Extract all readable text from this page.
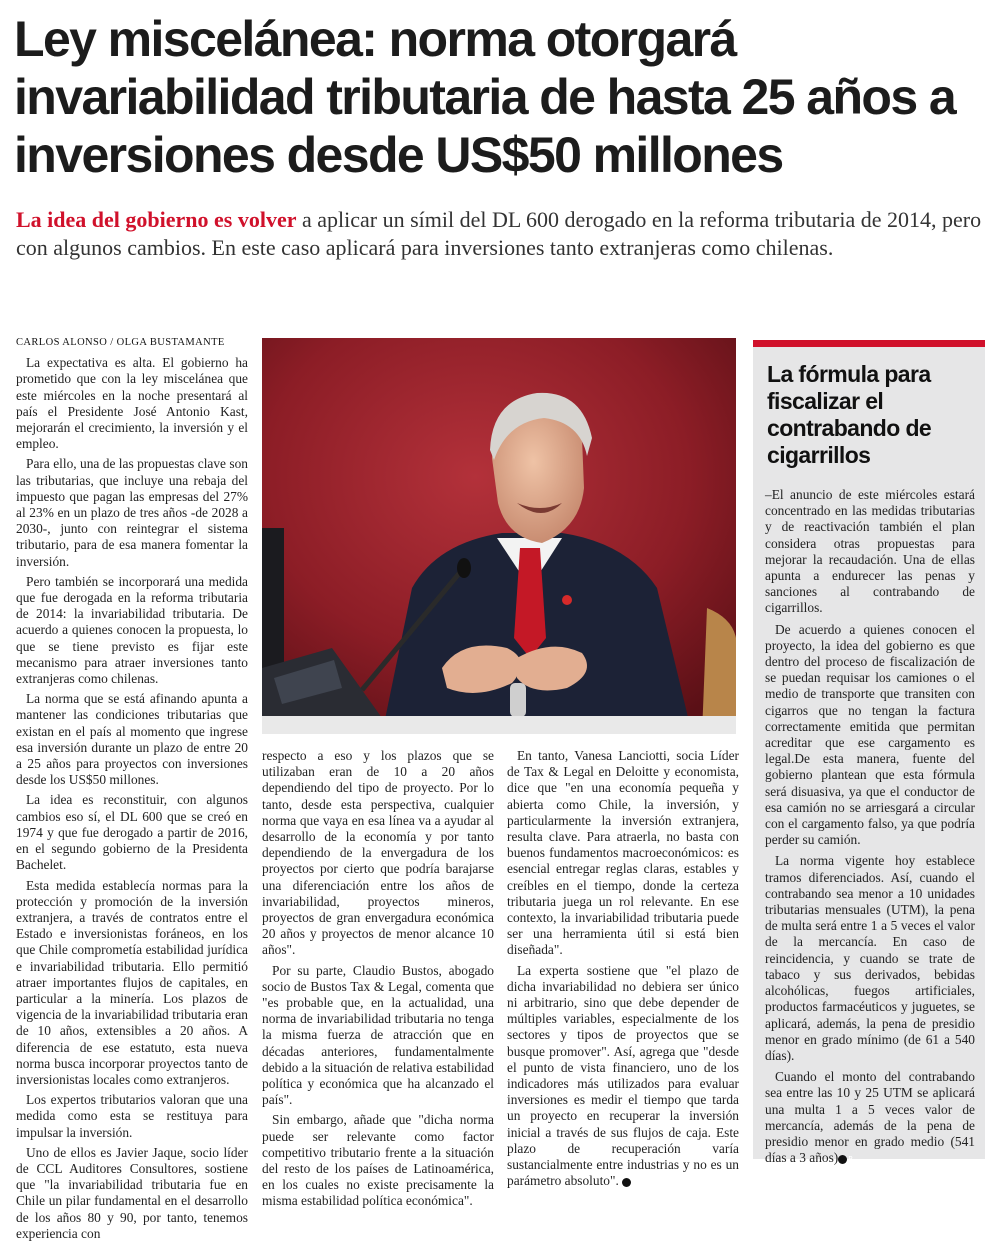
Ley miscelánea: norma otorgará invariabilidad tributaria de hasta 25 años a inversiones desde US$50 millones

La idea del gobierno es volver a aplicar un símil del DL 600 derogado en la reforma tributaria de 2014, pero con algunos cambios. En este caso aplicará para inversiones tanto extranjeras como chilenas.

CARLOS ALONSO / OLGA BUSTAMANTE

La expectativa es alta. El gobierno ha prometido que con la ley miscelánea que este miércoles en la noche presentará al país el Presidente José Antonio Kast, mejorarán el crecimiento, la inversión y el empleo.

Para ello, una de las propuestas clave son las tributarias, que incluye una rebaja del impuesto que pagan las empresas del 27% al 23% en un plazo de tres años -de 2028 a 2030-, junto con reintegrar el sistema tributario, para de esa manera fomentar la inversión.

Pero también se incorporará una medida que fue derogada en la reforma tributaria de 2014: la invariabilidad tributaria. De acuerdo a quienes conocen la propuesta, lo que se tiene previsto es fijar este mecanismo para atraer inversiones tanto extranjeras como chilenas.

La norma que se está afinando apunta a mantener las condiciones tributarias que existan en el país al momento que ingrese esa inversión durante un plazo de entre 20 a 25 años para proyectos con inversiones desde los US$50 millones.

La idea es reconstituir, con algunos cambios eso sí, el DL 600 que se creó en 1974 y que fue derogado a partir de 2016, en el segundo gobierno de la Presidenta Bachelet.

Esta medida establecía normas para la protección y promoción de la inversión extranjera, a través de contratos entre el Estado e inversionistas foráneos, en los que Chile comprometía estabilidad jurídica e invariabilidad tributaria. Ello permitió atraer importantes flujos de capitales, en particular a la minería. Los plazos de vigencia de la invariabilidad tributaria eran de 10 años, extensibles a 20 años. A diferencia de ese estatuto, esta nueva norma busca incorporar proyectos tanto de inversionistas locales como extranjeros.

Los expertos tributarios valoran que una medida como esta se restituya para impulsar la inversión.

Uno de ellos es Javier Jaque, socio líder de CCL Auditores Consultores, sostiene que "la invariabilidad tributaria fue en Chile un pilar fundamental en el desarrollo de los años 80 y 90, por tanto, tenemos experiencia con

respecto a eso y los plazos que se utilizaban eran de 10 a 20 años dependiendo del tipo de proyecto. Por lo tanto, desde esta perspectiva, cualquier norma que vaya en esa línea va a ayudar al desarrollo de la economía y por tanto dependiendo de la envergadura de los proyectos por cierto que podría barajarse una diferenciación entre los años de invariabilidad, proyectos mineros, proyectos de gran envergadura económica 20 años y proyectos de menor alcance 10 años".

Por su parte, Claudio Bustos, abogado socio de Bustos Tax & Legal, comenta que "es probable que, en la actualidad, una norma de invariabilidad tributaria no tenga la misma fuerza de atracción que en décadas anteriores, fundamentalmente debido a la situación de relativa estabilidad política y económica que ha alcanzado el país".

Sin embargo, añade que "dicha norma puede ser relevante como factor competitivo tributario frente a la situación del resto de los países de Latinoamérica, en los cuales no existe precisamente la misma estabilidad política económica".

En tanto, Vanesa Lanciotti, socia Líder de Tax & Legal en Deloitte y economista, dice que "en una economía pequeña y abierta como Chile, la inversión, y particularmente la inversión extranjera, resulta clave. Para atraerla, no basta con buenos fundamentos macroeconómicos: es esencial entregar reglas claras, estables y creíbles en el tiempo, donde la certeza tributaria juega un rol relevante. En ese contexto, la invariabilidad tributaria puede ser una herramienta útil si está bien diseñada".

La experta sostiene que "el plazo de dicha invariabilidad no debiera ser único ni arbitrario, sino que debe depender de múltiples variables, especialmente de los sectores y tipos de proyectos que se busque promover". Así, agrega que "desde el punto de vista financiero, uno de los indicadores más utilizados para evaluar inversiones es medir el tiempo que tarda un proyecto en recuperar la inversión inicial a través de sus flujos de caja. Este plazo de recuperación varía sustancialmente entre industrias y no es un parámetro absoluto". P

La fórmula para fiscalizar el contrabando de cigarrillos

–El anuncio de este miércoles estará concentrado en las medidas tributarias y de reactivación también el plan considera otras propuestas para mejorar la recaudación. Una de ellas apunta a endurecer las penas y sanciones al contrabando de cigarrillos.

De acuerdo a quienes conocen el proyecto, la idea del gobierno es que dentro del proceso de fiscalización de se puedan requisar los camiones o el medio de transporte que transiten con cigarros que no tengan la factura correctamente emitida que permitan acreditar que ese cargamento es legal.De esta manera, fuente del gobierno plantean que esta fórmula será disuasiva, ya que el conductor de esa camión no se arriesgará a circular con el cargamento falso, ya que podría perder su camión.

La norma vigente hoy establece tramos diferenciados. Así, cuando el contrabando sea menor a 10 unidades tributarias mensuales (UTM), la pena de multa será entre 1 a 5 veces el valor de la mercancía. En caso de reincidencia, y cuando se trate de tabaco y sus derivados, bebidas alcohólicas, fuegos artificiales, productos farmacéuticos y juguetes, se aplicará, además, la pena de presidio menor en grado mínimo (de 61 a 540 días).

Cuando el monto del contrabando sea entre las 10 y 25 UTM se aplicará una multa 1 a 5 veces valor de mercancía, además de la pena de presidio menor en grado medio (541 días a 3 años) P
